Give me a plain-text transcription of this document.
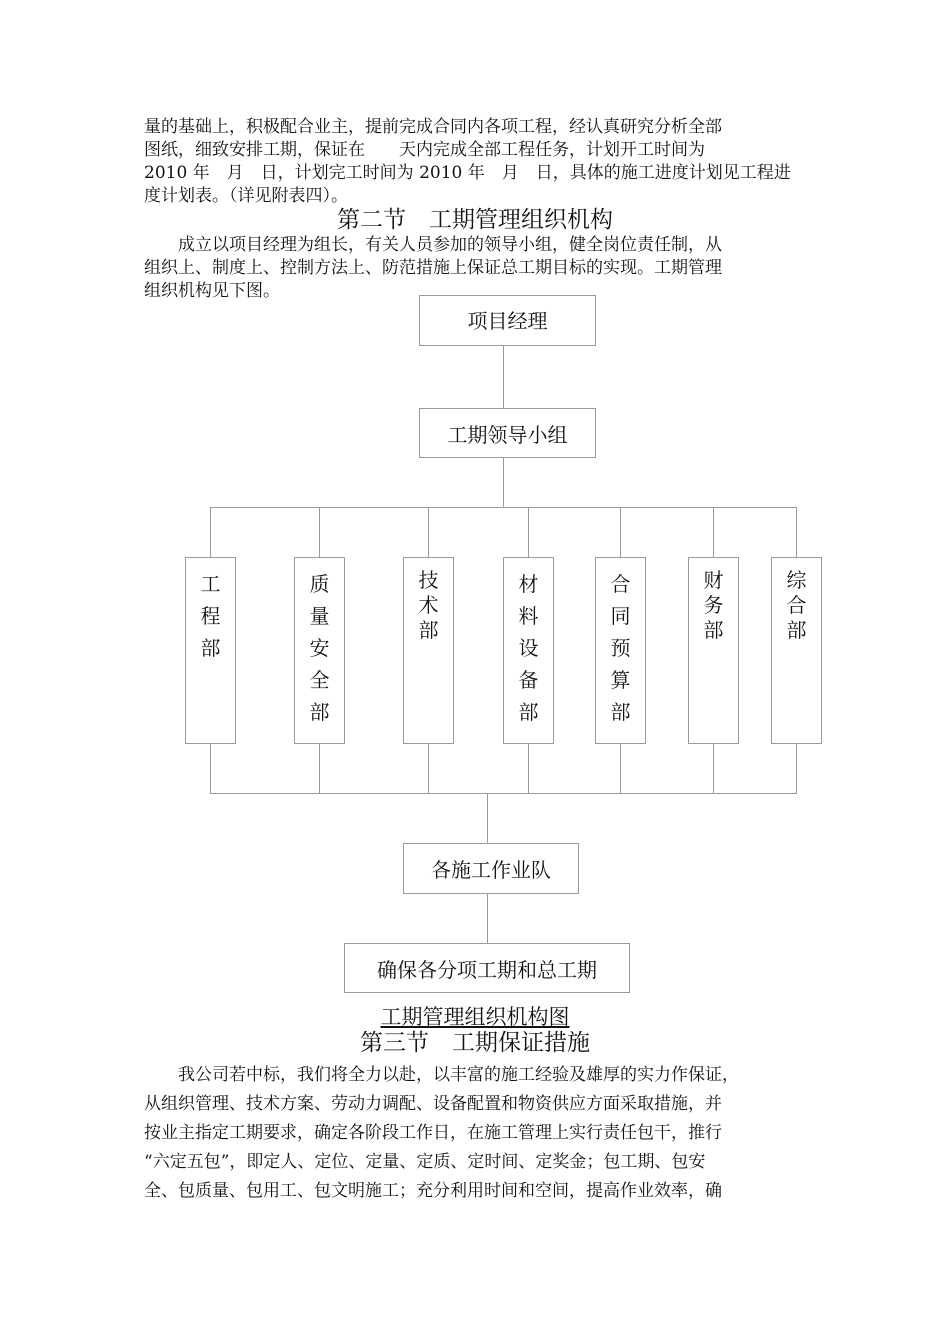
量的基础上，积极配合业主，提前完成合同内各项工程，经认真研究分析全部
图纸，细致安排工期，保证在　　天内完成全部工程任务，计划开工时间为
2010 年　月　日，计划完工时间为 2010 年　月　日，具体的施工进度计划见工程进
度计划表。（详见附表四）。
第二节　工期管理组织机构
　　成立以项目经理为组长，有关人员参加的领导小组，健全岗位责任制，从
组织上、制度上、控制方法上、防范措施上保证总工期目标的实现。工期管理
组织机构见下图。
项目经理
工期领导小组
工程部
质量安全部
技术部
材料设备部
合同预算部
财务部
综合部
各施工作业队
确保各分项工期和总工期
工期管理组织机构图
第三节　工期保证措施
　　我公司若中标，我们将全力以赴，以丰富的施工经验及雄厚的实力作保证，
从组织管理、技术方案、劳动力调配、设备配置和物资供应方面采取措施，并
按业主指定工期要求，确定各阶段工作日，在施工管理上实行责任包干，推行
“六定五包”，即定人、定位、定量、定质、定时间、定奖金；包工期、包安
全、包质量、包用工、包文明施工；充分利用时间和空间，提高作业效率，确
